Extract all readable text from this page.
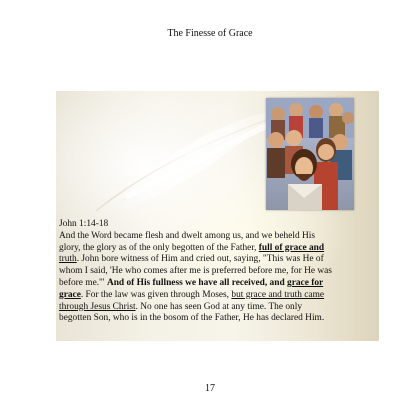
The Finesse of Grace
John 1:14-18
And the Word became flesh and dwelt among us, and we beheld His
glory, the glory as of the only begotten of the Father, full of grace and
truth. John bore witness of Him and cried out, saying, "This was He of
whom I said, 'He who comes after me is preferred before me, for He was
before me.'" And of His fullness we have all received, and grace for
grace. For the law was given through Moses, but grace and truth came
through Jesus Christ. No one has seen God at any time. The only
begotten Son, who is in the bosom of the Father, He has declared Him.
17
